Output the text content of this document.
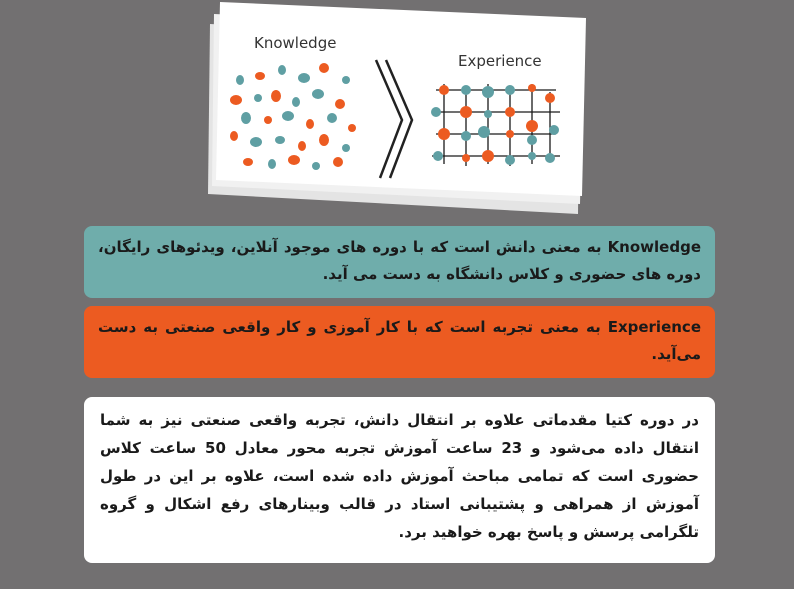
Knowledge
Experience

Knowledge به معنی دانش است که با دوره های موجود آنلاین، ویدئوهای رایگان، دوره های حضوری و کلاس دانشگاه به دست می آید.

Experience به معنی تجربه است که با کار آموزی و کار واقعی صنعتی به دست می‌آید.

در دوره کتیا مقدماتی علاوه بر انتقال دانش، تجربه واقعی صنعتی نیز به شما انتقال داده می‌شود و 23 ساعت آموزش تجربه محور معادل 50 ساعت کلاس حضوری است که تمامی مباحث آموزش داده شده است، علاوه بر این در طول آموزش از همراهی و پشتیبانی استاد در قالب وبینارهای رفع اشکال و گروه تلگرامی پرسش و پاسخ بهره خواهید برد.
